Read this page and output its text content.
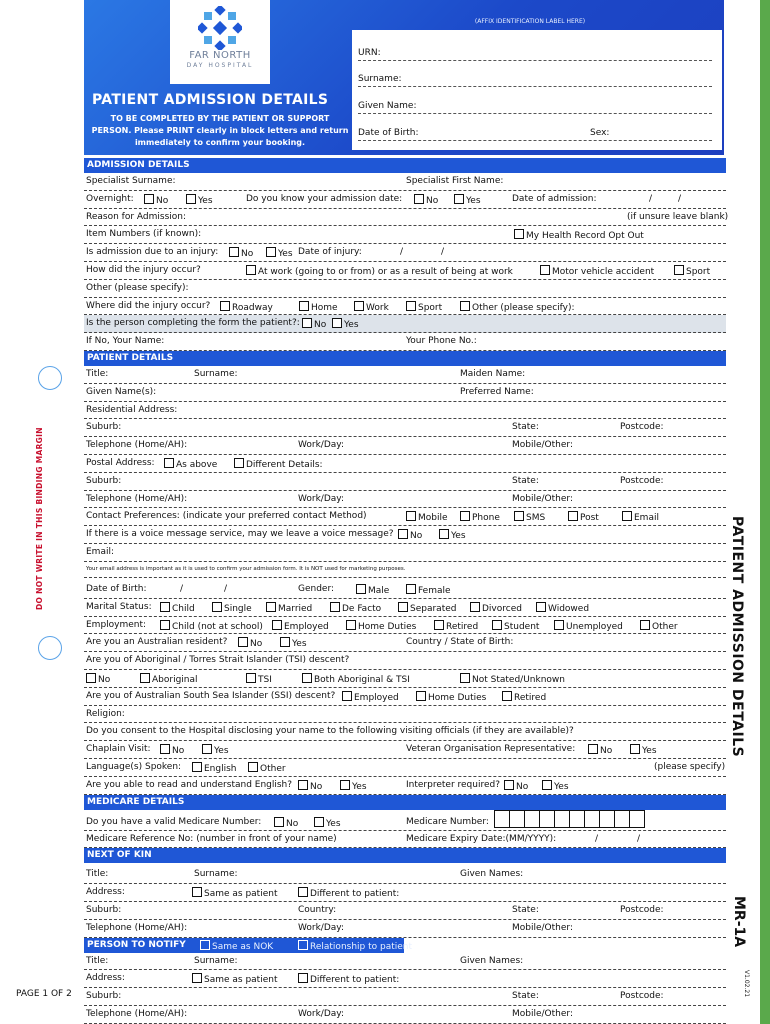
FAR NORTH
DAY HOSPITAL
PATIENT ADMISSION DETAILS
TO BE COMPLETED BY THE PATIENT OR SUPPORT PERSON. Please PRINT clearly in block letters and return immediately to confirm your booking.
(AFFIX IDENTIFICATION LABEL HERE)
URN:
Surname:
Given Name:
Date of Birth:	Sex:
DO NOT WRITE IN THIS BINDING MARGIN	PATIENT ADMISSION DETAILS
MR-1A
V1.02.21
PAGE 1 OF 2
ADMISSION DETAILS
Specialist Surname:	Specialist First Name:
Overnight:	No	Yes	Do you know your admission date:	No	Yes	Date of admission:	/	/
Reason for Admission:	(if unsure leave blank)
Item Numbers (if known):	My Health Record Opt Out
Is admission due to an injury:	No	Yes Date of injury:	/	/
How did the injury occur?	At work (going to or from) or as a result of being at work	Motor vehicle accident	Sport
Other (please specify):
Where did the injury occur?	Roadway	Home	Work	Sport	Other (please specify):
Is the person completing the form the patient?:	No	Yes
If No, Your Name:	Your Phone No.:
PATIENT DETAILS
Title:	Surname:	Maiden Name:
Given Name(s):	Preferred Name:
Residential Address:
Suburb:	State:	Postcode:
Telephone (Home/AH):	Work/Day:	Mobile/Other:
Postal Address:	As above	Different Details:
Suburb:	State:	Postcode:
Telephone (Home/AH):	Work/Day:	Mobile/Other:
Contact Preferences: (indicate your preferred contact Method)	Mobile	Phone	SMS	Post	Email
If there is a voice message service, may we leave a voice message?	No	Yes
Email:
Your email address is important as it is used to confirm your admission form. It is NOT used for marketing purposes.
Date of Birth:	/	/	Gender:	Male	Female
Marital Status:	Child	Single	Married	De Facto	Separated	Divorced	Widowed
Employment:	Child (not at school)	Employed	Home Duties	Retired	Student	Unemployed	Other
Are you an Australian resident?	No	Yes	Country / State of Birth:
Are you of Aboriginal / Torres Strait Islander (TSI) descent?
No	Aboriginal	TSI	Both Aboriginal & TSI	Not Stated/Unknown
Are you of Australian South Sea Islander (SSI) descent?	Employed	Home Duties	Retired
Religion:
Do you consent to the Hospital disclosing your name to the following visiting officials (if they are available)?
Chaplain Visit:	No	Yes	Veteran Organisation Representative:	No	Yes
Language(s) Spoken:	English	Other	(please specify)
Are you able to read and understand English?	No	Yes	Interpreter required?	No	Yes
MEDICARE DETAILS
Do you have a valid Medicare Number:	No	Yes	Medicare Number:
Medicare Reference No: (number in front of your name)	Medicare Expiry Date:(MM/YYYY):	/	/
NEXT OF KIN
Title:	Surname:	Given Names:
Address:	Same as patient	Different to patient:
Suburb:	Country:	State:	Postcode:
Telephone (Home/AH):	Work/Day:	Mobile/Other:
PERSON TO NOTIFY	Same as NOK	Relationship to patient
Title:	Surname:	Given Names:
Address:	Same as patient	Different to patient:
Suburb:	State:	Postcode:
Telephone (Home/AH):	Work/Day:	Mobile/Other:
